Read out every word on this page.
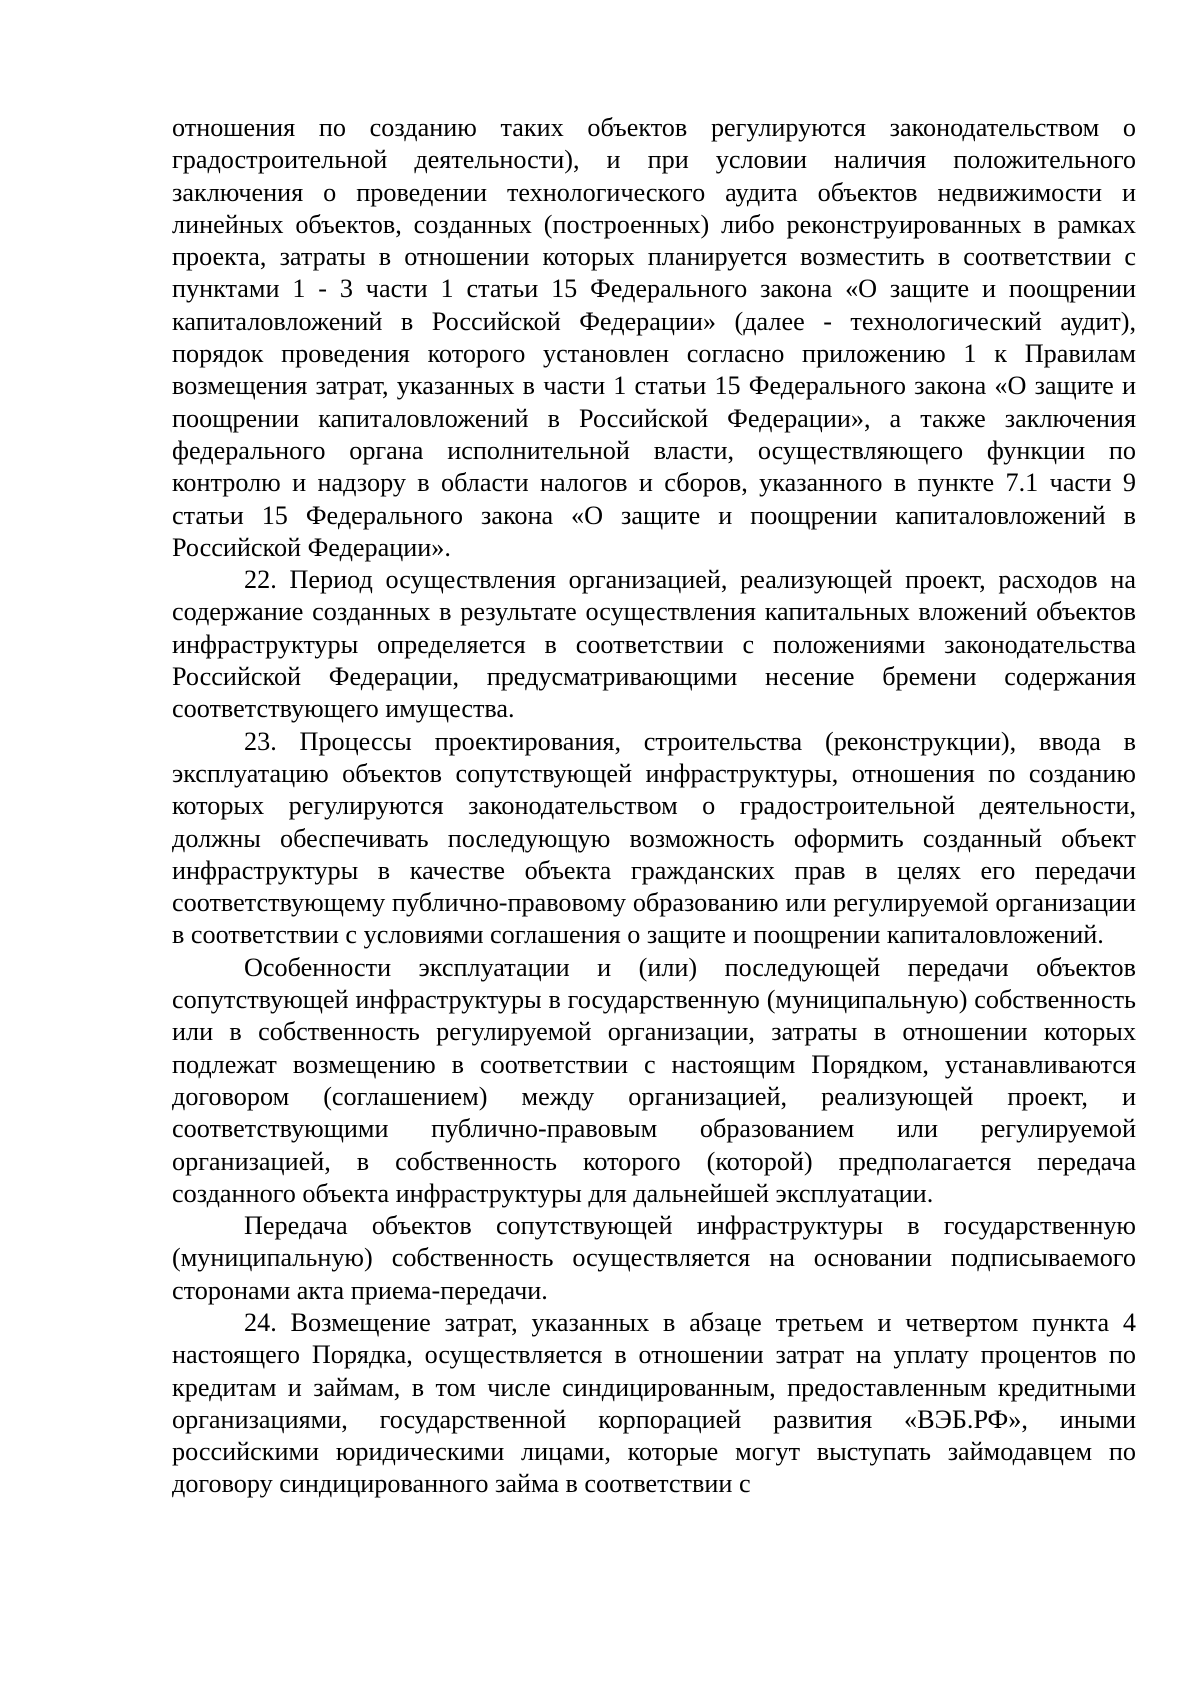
отношения по созданию таких объектов регулируются законодательством о градостроительной деятельности), и при условии наличия положительного заключения о проведении технологического аудита объектов недвижимости и линейных объектов, созданных (построенных) либо реконструированных в рамках проекта, затраты в отношении которых планируется возместить в соответствии с пунктами 1 - 3 части 1 статьи 15 Федерального закона «О защите и поощрении капиталовложений в Российской Федерации» (далее - технологический аудит), порядок проведения которого установлен согласно приложению 1 к Правилам возмещения затрат, указанных в части 1 статьи 15 Федерального закона «О защите и поощрении капиталовложений в Российской Федерации», а также заключения федерального органа исполнительной власти, осуществляющего функции по контролю и надзору в области налогов и сборов, указанного в пункте 7.1 части 9 статьи 15 Федерального закона «О защите и поощрении капиталовложений в Российской Федерации».

22. Период осуществления организацией, реализующей проект, расходов на содержание созданных в результате осуществления капитальных вложений объектов инфраструктуры определяется в соответствии с положениями законодательства Российской Федерации, предусматривающими несение бремени содержания соответствующего имущества.

23. Процессы проектирования, строительства (реконструкции), ввода в эксплуатацию объектов сопутствующей инфраструктуры, отношения по созданию которых регулируются законодательством о градостроительной деятельности, должны обеспечивать последующую возможность оформить созданный объект инфраструктуры в качестве объекта гражданских прав в целях его передачи соответствующему публично-правовому образованию или регулируемой организации в соответствии с условиями соглашения о защите и поощрении капиталовложений.

Особенности эксплуатации и (или) последующей передачи объектов сопутствующей инфраструктуры в государственную (муниципальную) собственность или в собственность регулируемой организации, затраты в отношении которых подлежат возмещению в соответствии с настоящим Порядком, устанавливаются договором (соглашением) между организацией, реализующей проект, и соответствующими публично-правовым образованием или регулируемой организацией, в собственность которого (которой) предполагается передача созданного объекта инфраструктуры для дальнейшей эксплуатации.

Передача объектов сопутствующей инфраструктуры в государственную (муниципальную) собственность осуществляется на основании подписываемого сторонами акта приема-передачи.

24. Возмещение затрат, указанных в абзаце третьем и четвертом пункта 4 настоящего Порядка, осуществляется в отношении затрат на уплату процентов по кредитам и займам, в том числе синдицированным, предоставленным кредитными организациями, государственной корпорацией развития «ВЭБ.РФ», иными российскими юридическими лицами, которые могут выступать займодавцем по договору синдицированного займа в соответствии с
